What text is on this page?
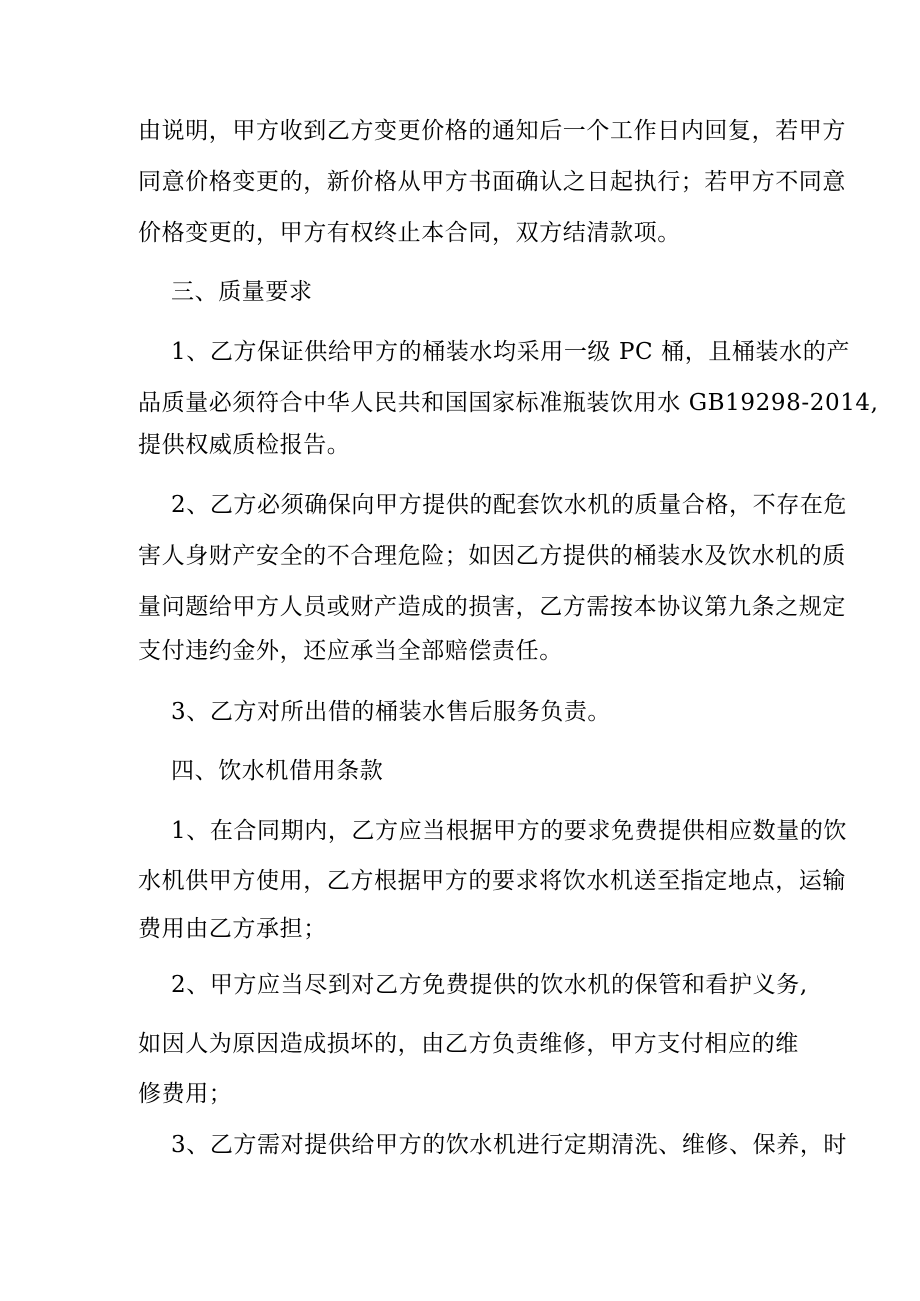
由说明，甲方收到乙方变更价格的通知后一个工作日内回复，若甲方
同意价格变更的，新价格从甲方书面确认之日起执行；若甲方不同意
价格变更的，甲方有权终止本合同，双方结清款项。
三、质量要求
1、乙方保证供给甲方的桶装水均采用一级 PC 桶，且桶装水的产
品质量必须符合中华人民共和国国家标准瓶装饮用水 GB19298-2014,
提供权威质检报告。
2、乙方必须确保向甲方提供的配套饮水机的质量合格，不存在危
害人身财产安全的不合理危险；如因乙方提供的桶装水及饮水机的质
量问题给甲方人员或财产造成的损害，乙方需按本协议第九条之规定
支付违约金外，还应承当全部赔偿责任。
3、乙方对所出借的桶装水售后服务负责。
四、饮水机借用条款
1、在合同期内，乙方应当根据甲方的要求免费提供相应数量的饮
水机供甲方使用，乙方根据甲方的要求将饮水机送至指定地点，运输
费用由乙方承担；
2、甲方应当尽到对乙方免费提供的饮水机的保管和看护义务,
如因人为原因造成损坏的，由乙方负责维修，甲方支付相应的维
修费用；
3、乙方需对提供给甲方的饮水机进行定期清洗、维修、保养，时
